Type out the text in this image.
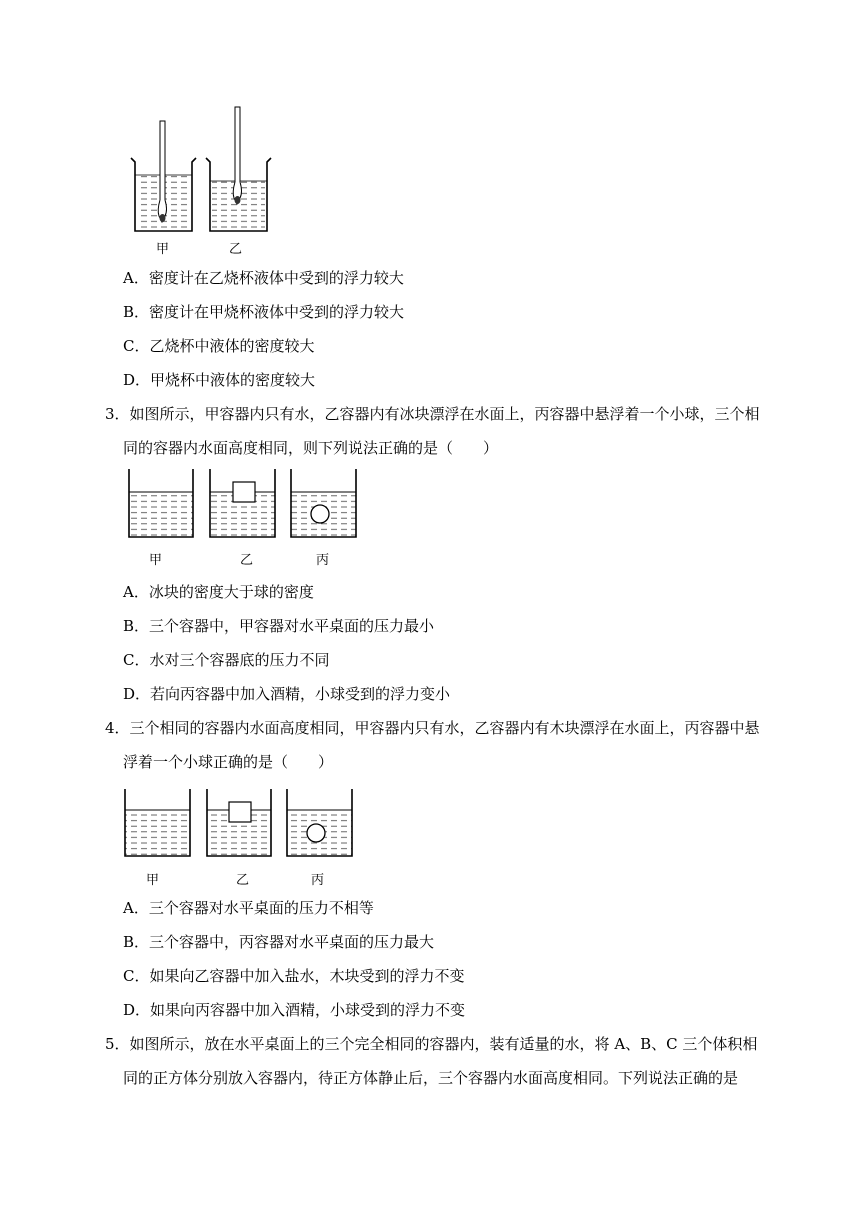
甲	乙
A．密度计在乙烧杯液体中受到的浮力较大
B．密度计在甲烧杯液体中受到的浮力较大
C．乙烧杯中液体的密度较大
D．甲烧杯中液体的密度较大
3．如图所示，甲容器内只有水，乙容器内有冰块漂浮在水面上，丙容器中悬浮着一个小球，三个相
同的容器内水面高度相同，则下列说法正确的是（　　）
甲	乙	丙
A．冰块的密度大于球的密度
B．三个容器中，甲容器对水平桌面的压力最小
C．水对三个容器底的压力不同
D．若向丙容器中加入酒精，小球受到的浮力变小
4．三个相同的容器内水面高度相同，甲容器内只有水，乙容器内有木块漂浮在水面上，丙容器中悬
浮着一个小球正确的是（　　）
甲	乙	丙
A．三个容器对水平桌面的压力不相等
B．三个容器中，丙容器对水平桌面的压力最大
C．如果向乙容器中加入盐水，木块受到的浮力不变
D．如果向丙容器中加入酒精，小球受到的浮力不变
5．如图所示，放在水平桌面上的三个完全相同的容器内，装有适量的水，将 A、B、C 三个体积相
同的正方体分别放入容器内，待正方体静止后，三个容器内水面高度相同。下列说法正确的是
